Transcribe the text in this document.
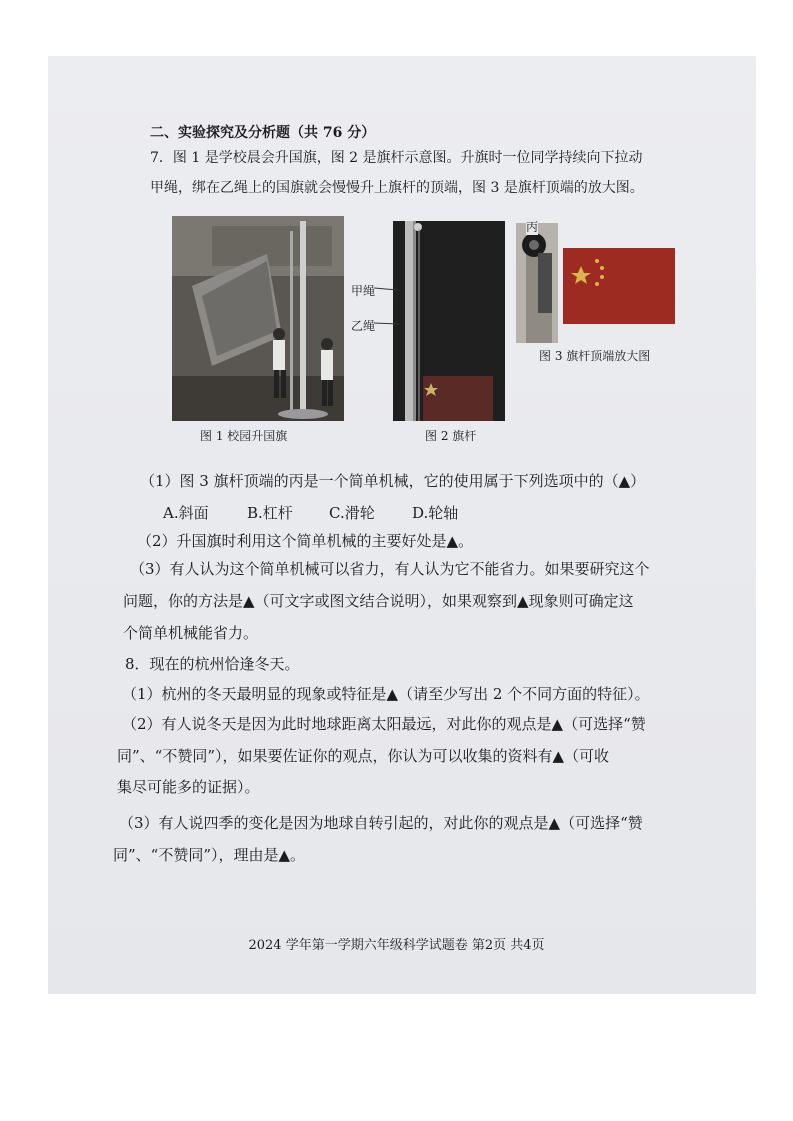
二、实验探究及分析题（共 76 分）
7．图 1 是学校晨会升国旗，图 2 是旗杆示意图。升旗时一位同学持续向下拉动
甲绳，绑在乙绳上的国旗就会慢慢升上旗杆的顶端，图 3 是旗杆顶端的放大图。
甲绳
乙绳
丙
图 1 校园升国旗	图 2 旗杆
图 3 旗杆顶端放大图
（1）图 3 旗杆顶端的丙是一个简单机械，它的使用属于下列选项中的（▲）
A.斜面	B.杠杆 C.滑轮 D.轮轴
（2）升国旗时利用这个简单机械的主要好处是▲。
（3）有人认为这个简单机械可以省力，有人认为它不能省力。如果要研究这个
问题，你的方法是▲（可文字或图文结合说明），如果观察到▲现象则可确定这
个简单机械能省力。
8．现在的杭州恰逢冬天。
（1）杭州的冬天最明显的现象或特征是▲（请至少写出 2 个不同方面的特征）。
（2）有人说冬天是因为此时地球距离太阳最远，对此你的观点是▲（可选择“赞
同”、“不赞同”），如果要佐证你的观点，你认为可以收集的资料有▲（可收
集尽可能多的证据）。
（3）有人说四季的变化是因为地球自转引起的，对此你的观点是▲（可选择“赞
同”、“不赞同”），理由是▲。
2024 学年第一学期六年级科学试题卷 第2页 共4页
